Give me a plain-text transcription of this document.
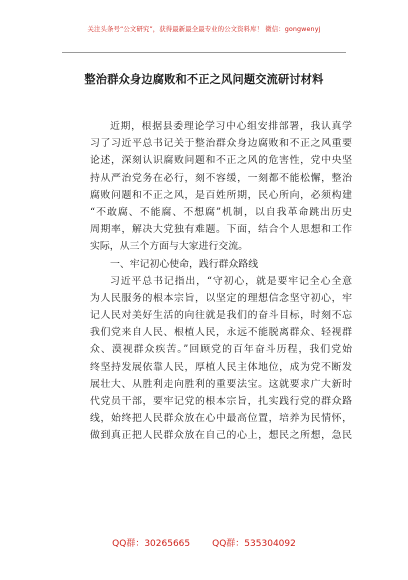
关注头条号“公文研究”，获得最新最全最专业的公文资料库！ 微信：gongwenyj
整治群众身边腐败和不正之风问题交流研讨材料
近期，根据县委理论学习中心组安排部署，我认真学
习了习近平总书记关于整治群众身边腐败和不正之风重要
论述，深刻认识腐败问题和不正之风的危害性，党中央坚
持从严治党务在必行，刻不容缓，一刻都不能松懈，整治
腐败问题和不正之风，是百姓所期，民心所向，必须构建
“不敢腐、不能腐、不想腐”机制，以自我革命跳出历史
周期率，解决大党独有难题。下面，结合个人思想和工作
实际，从三个方面与大家进行交流。
一、牢记初心使命，践行群众路线
习近平总书记指出，“守初心，就是要牢记全心全意
为人民服务的根本宗旨，以坚定的理想信念坚守初心，牢
记人民对美好生活的向往就是我们的奋斗目标，时刻不忘
我们党来自人民、根植人民，永远不能脱离群众、轻视群
众、漠视群众疾苦。”回顾党的百年奋斗历程，我们党始
终坚持发展依靠人民，厚植人民主体地位，成为党不断发
展壮大、从胜利走向胜利的重要法宝。这就要求广大新时
代党员干部，要牢记党的根本宗旨，扎实践行党的群众路
线，始终把人民群众放在心中最高位置，培养为民情怀，
做到真正把人民群众放在自己的心上，想民之所想，急民
QQ群：30265665 QQ群：535304092
